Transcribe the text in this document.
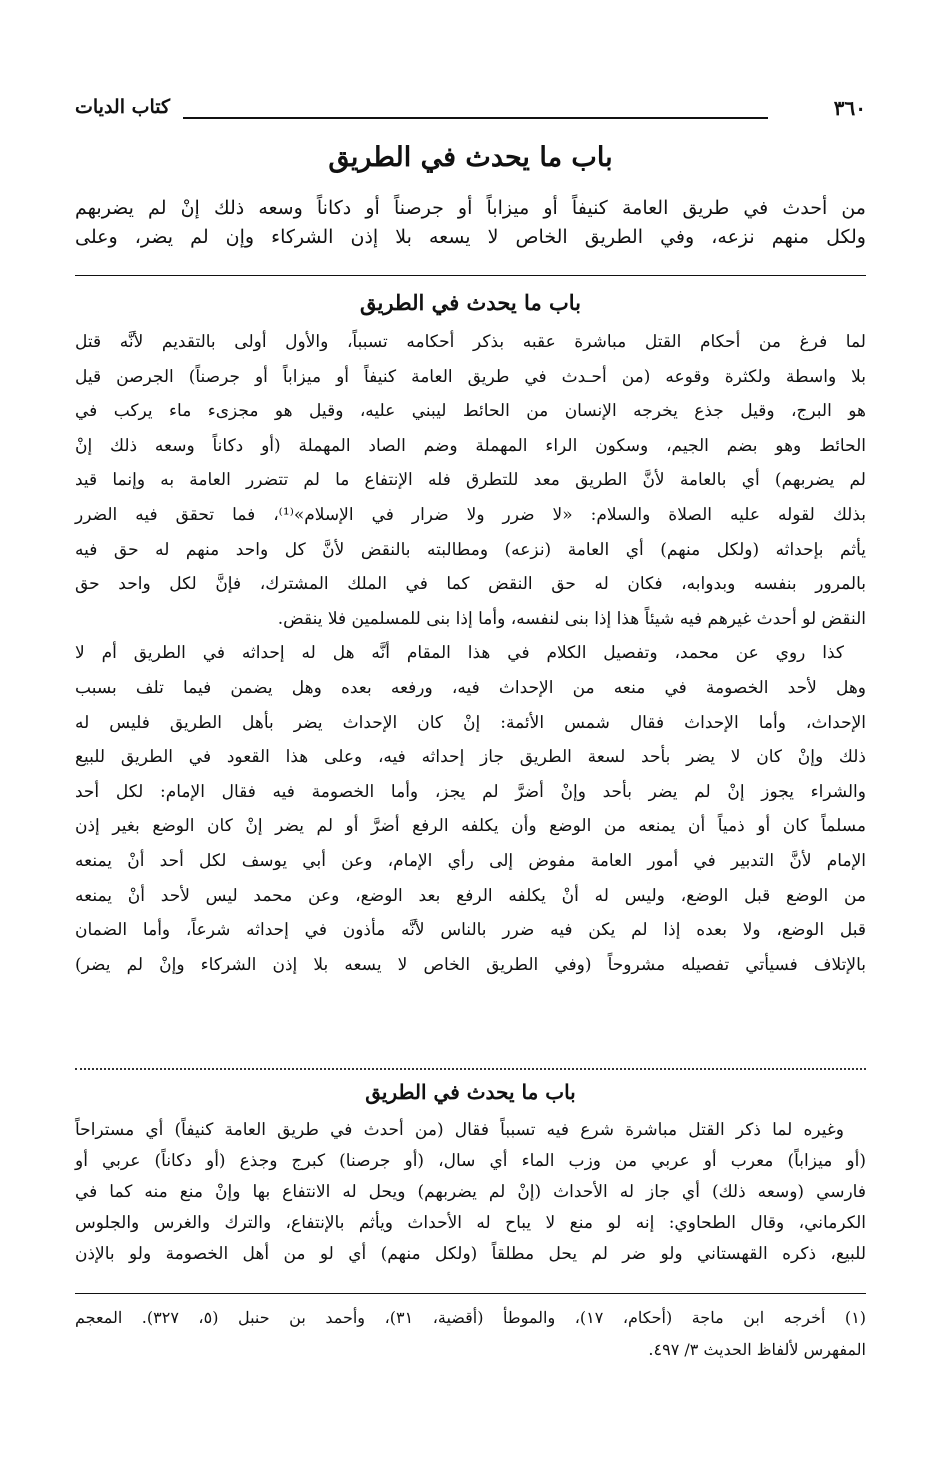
٣٦٠
كتاب الديات
باب ما يحدث في الطريق
من أحدث في طريق العامة كنيفاً أو ميزاباً أو جرصناً أو دكاناً وسعه ذلك إنْ لم يضربهم
ولكل منهم نزعه، وفي الطريق الخاص لا يسعه بلا إذن الشركاء وإن لم يضر، وعلى
باب ما يحدث في الطريق
لما فرغ من أحكام القتل مباشرة عقبه بذكر أحكامه تسبباً، والأول أولى بالتقديم لأنَّه قتل
بلا واسطة ولكثرة وقوعه (من أحـدث في طريق العامة كنيفاً أو ميزاباً أو جرصناً) الجرصن قيل
هو البرج، وقيل جذع يخرجه الإنسان من الحائط ليبني عليه، وقيل هو مجزىء ماء يركب في
الحائط وهو بضم الجيم، وسكون الراء المهملة وضم الصاد المهملة (أو دكاناً وسعه ذلك إنْ
لم يضربهم) أي بالعامة لأنَّ الطريق معد للتطرق فله الإنتفاع ما لم تتضرر العامة به وإنما قيد
بذلك لقوله عليه الصلاة والسلام: «لا ضرر ولا ضرار في الإسلام»⁽¹⁾، فما تحقق فيه الضرر
يأثم بإحداثه (ولكل منهم) أي العامة (نزعه) ومطالبته بالنقض لأنَّ كل واحد منهم له حق فيه
بالمرور بنفسه وبدوابه، فكان له حق النقض كما في الملك المشترك، فإنَّ لكل واحد حق
النقض لو أحدث غيرهم فيه شيئاً هذا إذا بنى لنفسه، وأما إذا بنى للمسلمين فلا ينقض.
كذا روي عن محمد، وتفصيل الكلام في هذا المقام أنَّه هل له إحداثه في الطريق أم لا
وهل لأحد الخصومة في منعه من الإحداث فيه، ورفعه بعده وهل يضمن فيما تلف بسبب
الإحداث، وأما الإحداث فقال شمس الأئمة: إنْ كان الإحداث يضر بأهل الطريق فليس له
ذلك وإنْ كان لا يضر بأحد لسعة الطريق جاز إحداثه فيه، وعلى هذا القعود في الطريق للبيع
والشراء يجوز إنْ لم يضر بأحد وإنْ أضرَّ لم يجز، وأما الخصومة فيه فقال الإمام: لكل أحد
مسلماً كان أو ذمياً أن يمنعه من الوضع وأن يكلفه الرفع أضرَّ أو لم يضر إنْ كان الوضع بغير إذن
الإمام لأنَّ التدبير في أمور العامة مفوض إلى رأي الإمام، وعن أبي يوسف لكل أحد أنْ يمنعه
من الوضع قبل الوضع، وليس له أنْ يكلفه الرفع بعد الوضع، وعن محمد ليس لأحد أنْ يمنعه
قبل الوضع، ولا بعده إذا لم يكن فيه ضرر بالناس لأنَّه مأذون في إحداثه شرعاً، وأما الضمان
بالإتلاف فسيأتي تفصيله مشروحاً (وفي الطريق الخاص لا يسعه بلا إذن الشركاء وإنْ لم يضر)
باب ما يحدث في الطريق
وغيره لما ذكر القتل مباشرة شرع فيه تسبباً فقال (من أحدث في طريق العامة كنيفاً) أي مستراحاً
(أو ميزاباً) معرب أو عربي من وزب الماء أي سال، (أو جرصنا) كبرج وجذع (أو دكاناً) عربي أو
فارسي (وسعه ذلك) أي جاز له الأحداث (إنْ لم يضربهم) ويحل له الانتفاع بها وإنْ منع منه كما في
الكرماني، وقال الطحاوي: إنه لو منع لا يباح له الأحداث ويأثم بالإنتفاع، والترك والغرس والجلوس
للبيع، ذكره القهستاني ولو ضر لم يحل مطلقاً (ولكل منهم) أي لو من أهل الخصومة ولو بالإذن
(١) أخرجه ابن ماجة (أحكام، ١٧)، والموطأ (أقضية، ٣١)، وأحمد بن حنبل (٥، ٣٢٧). المعجم
المفهرس لألفاظ الحديث ٣/ ٤٩٧.
